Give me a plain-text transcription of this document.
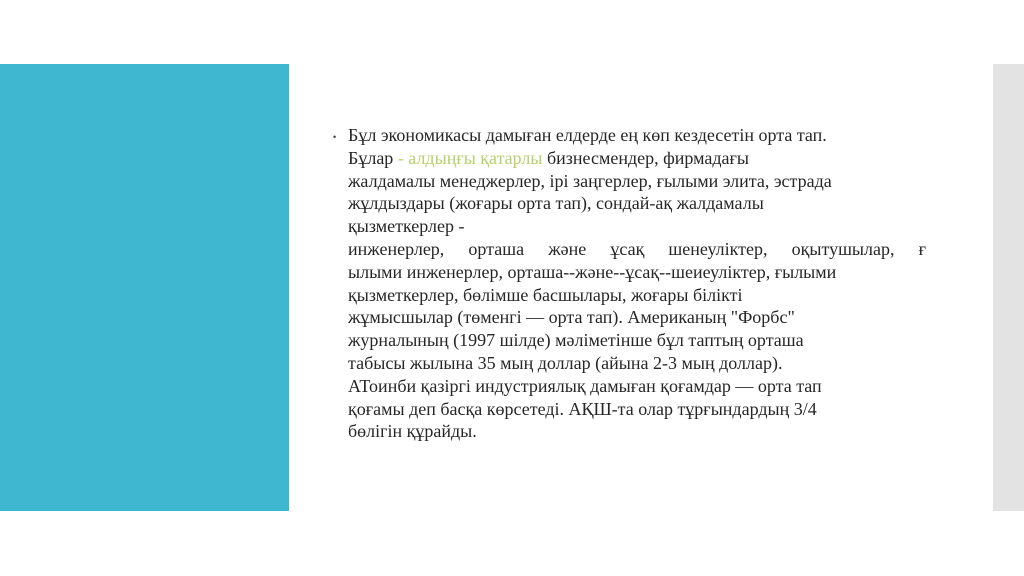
• Бұл экономикасы дамыған елдерде ең көп кездесетін орта тап.
Бұлар - алдыңғы қатарлы бизнесмендер, фирмадағы
жалдамалы менеджерлер, ірі заңгерлер, ғылыми элита, эстрада
жұлдыздары (жоғары орта тап), сондай-ақ жалдамалы
қызметкерлер -
инженерлер, орташа және ұсақ шенеуліктер, оқытушылар, ғ
ылыми инженерлер, орташа--және--ұсақ--шеиеуліктер, ғылыми
қызметкерлер, бөлімше басшылары, жоғары білікті
жұмысшылар (төменгі — орта тап). Американың "Форбс"
журналының (1997 шілде) мәліметінше бұл таптың орташа
табысы жылына 35 мың доллар (айына 2-3 мың доллар).
АТоинби қазіргі индустриялық дамыған қоғамдар — орта тап
қоғамы деп басқа көрсетеді. АҚШ-та олар тұрғындардың 3/4
бөлігін құрайды.
